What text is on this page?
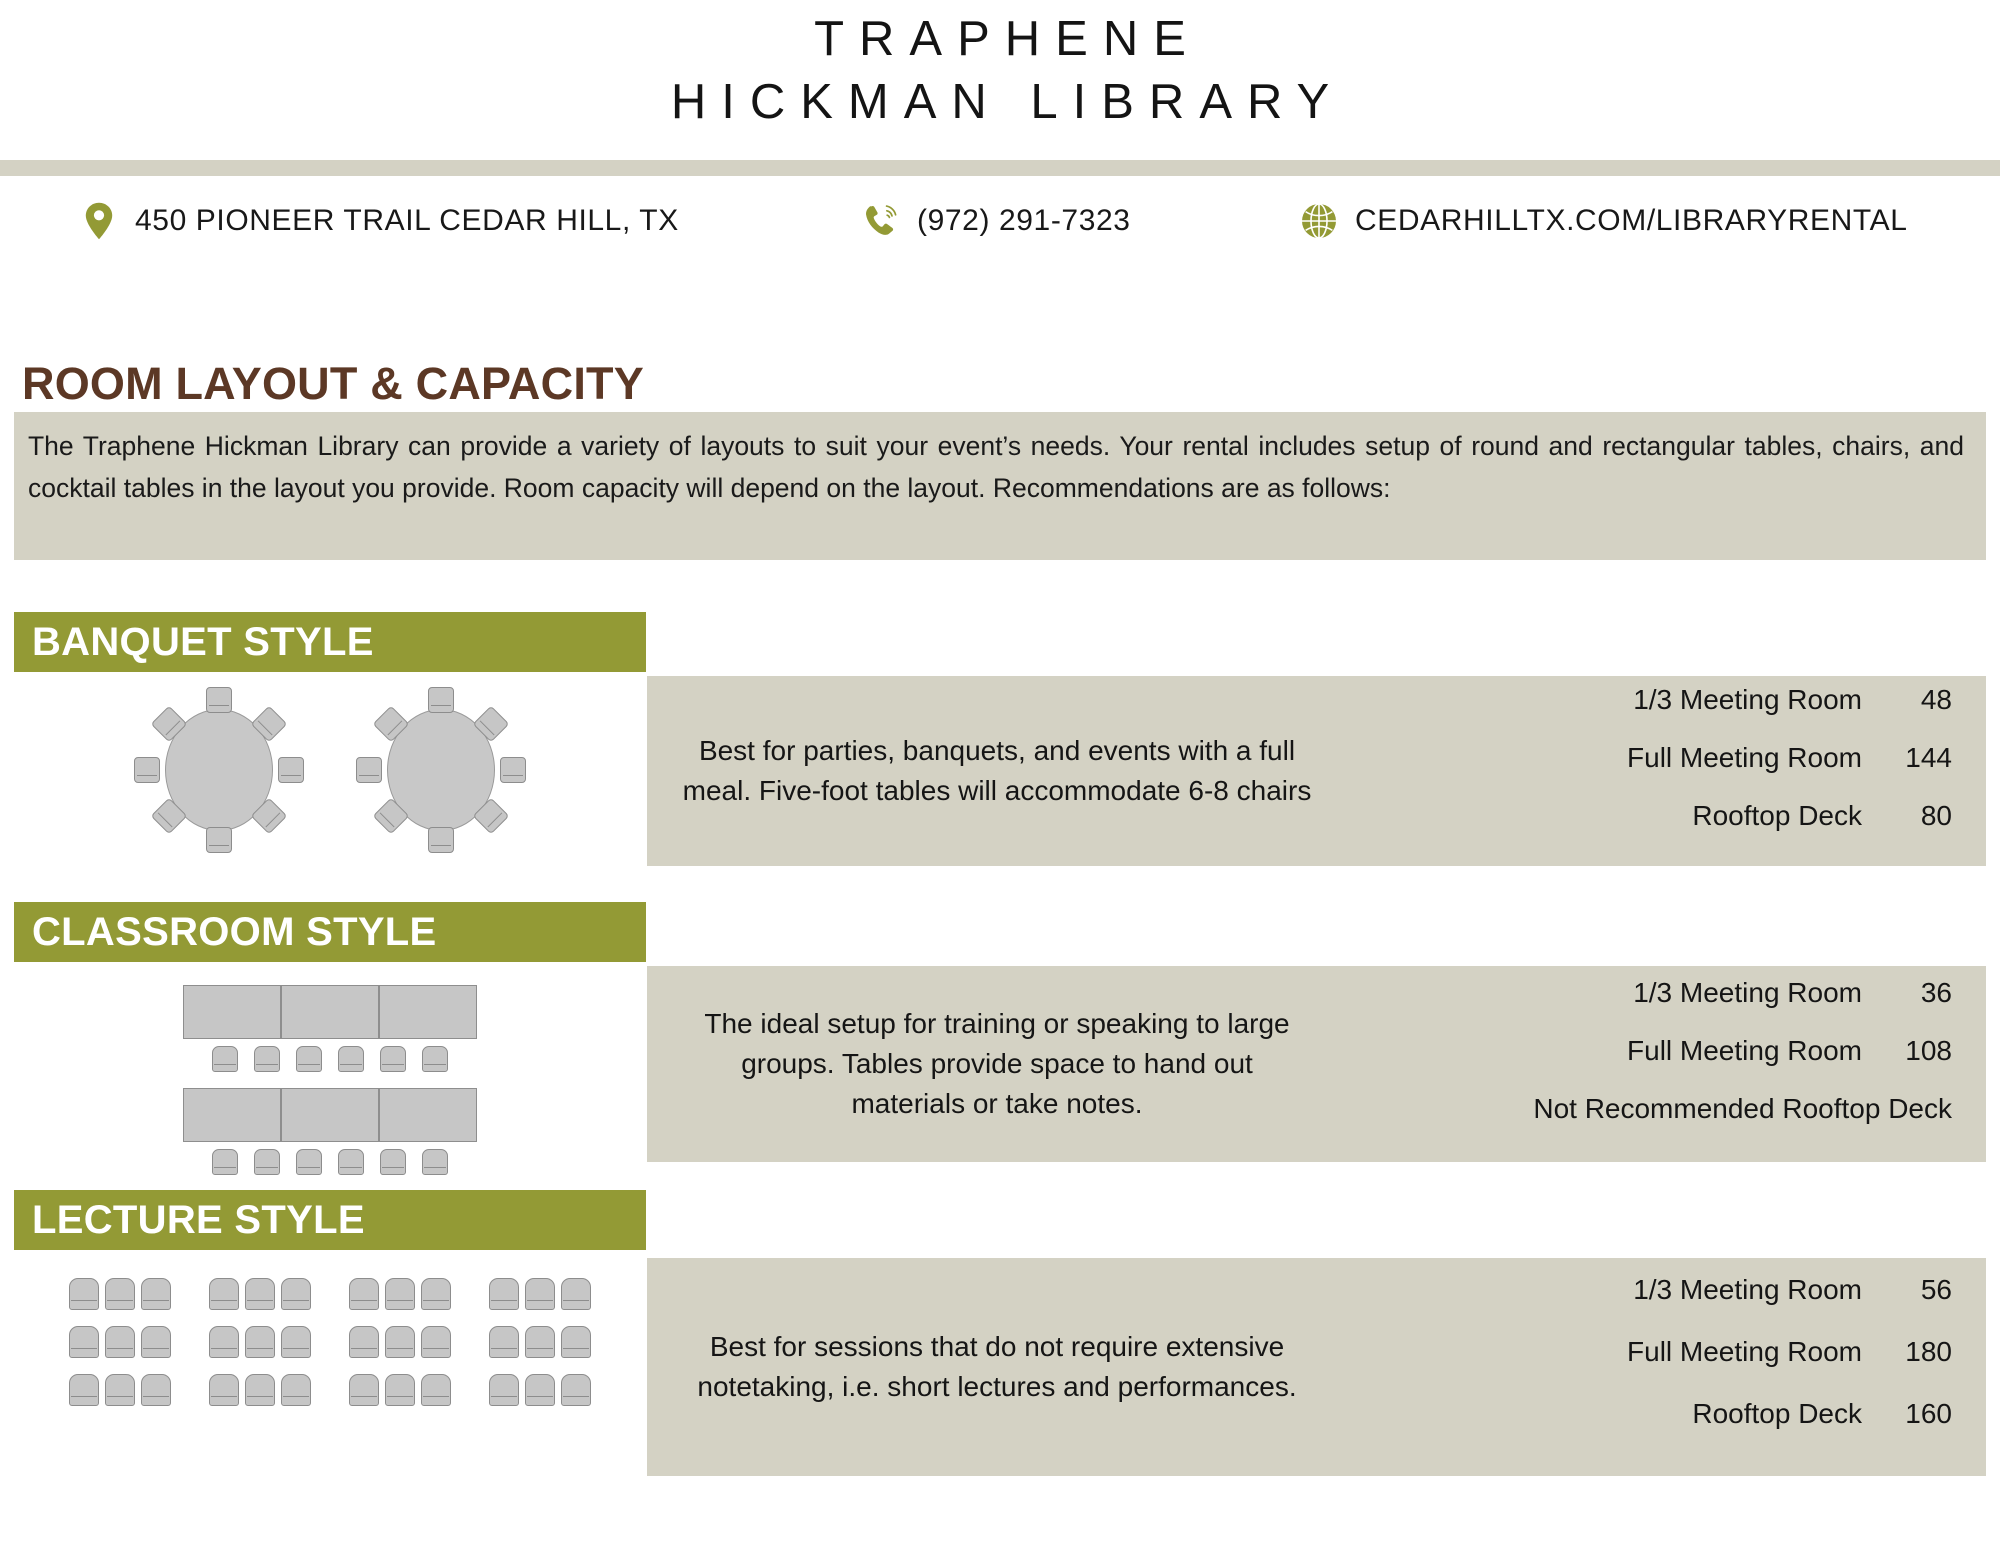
TRAPHENE
HICKMAN LIBRARY
450 PIONEER TRAIL CEDAR HILL, TX	(972) 291-7323	CEDARHILLTX.COM/LIBRARYRENTAL
ROOM LAYOUT & CAPACITY
The Traphene Hickman Library can provide a variety of layouts to suit your event’s needs. Your rental includes setup of round and rectangular tables, chairs, and cocktail tables in the layout you provide. Room capacity will depend on the layout. Recommendations are as follows:
BANQUET STYLE
Best for parties, banquets, and events with a full meal. Five-foot tables will accommodate 6-8 chairs
1/3 Meeting Room	48
Full Meeting Room	144
Rooftop Deck	80
CLASSROOM STYLE
The ideal setup for training or speaking to large groups. Tables provide space to hand out materials or take notes.
1/3 Meeting Room	36
Full Meeting Room	108
Not Recommended Rooftop Deck
LECTURE STYLE
Best for sessions that do not require extensive notetaking, i.e. short lectures and performances.
1/3 Meeting Room	56
Full Meeting Room	180
Rooftop Deck	160
